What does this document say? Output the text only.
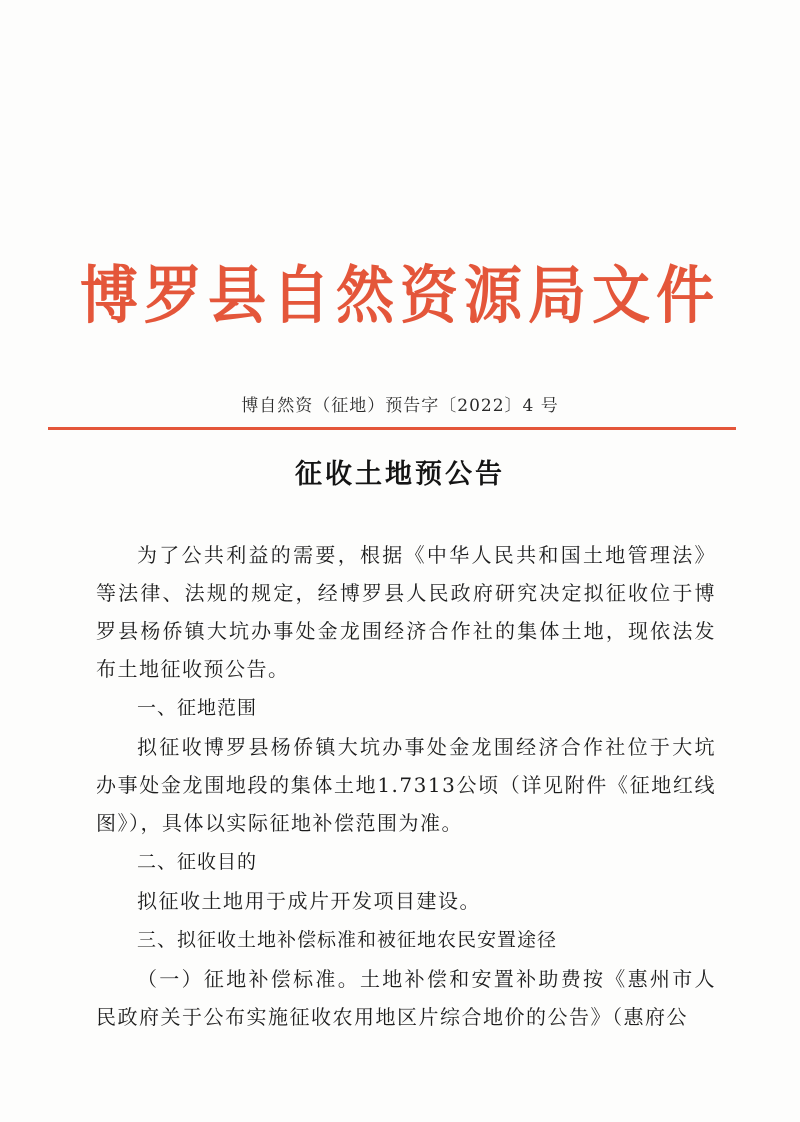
博罗县自然资源局文件
博自然资（征地）预告字〔2022〕4 号
征收土地预公告

为了公共利益的需要，根据《中华人民共和国土地管理法》等法律、法规的规定，经博罗县人民政府研究决定拟征收位于博罗县杨侨镇大坑办事处金龙围经济合作社的集体土地，现依法发布土地征收预公告。

一、征地范围

拟征收博罗县杨侨镇大坑办事处金龙围经济合作社位于大坑办事处金龙围地段的集体土地1.7313公顷（详见附件《征地红线图》），具体以实际征地补偿范围为准。

二、征收目的

拟征收土地用于成片开发项目建设。

三、拟征收土地补偿标准和被征地农民安置途径

（一）征地补偿标准。土地补偿和安置补助费按《惠州市人民政府关于公布实施征收农用地区片综合地价的公告》（惠府公
